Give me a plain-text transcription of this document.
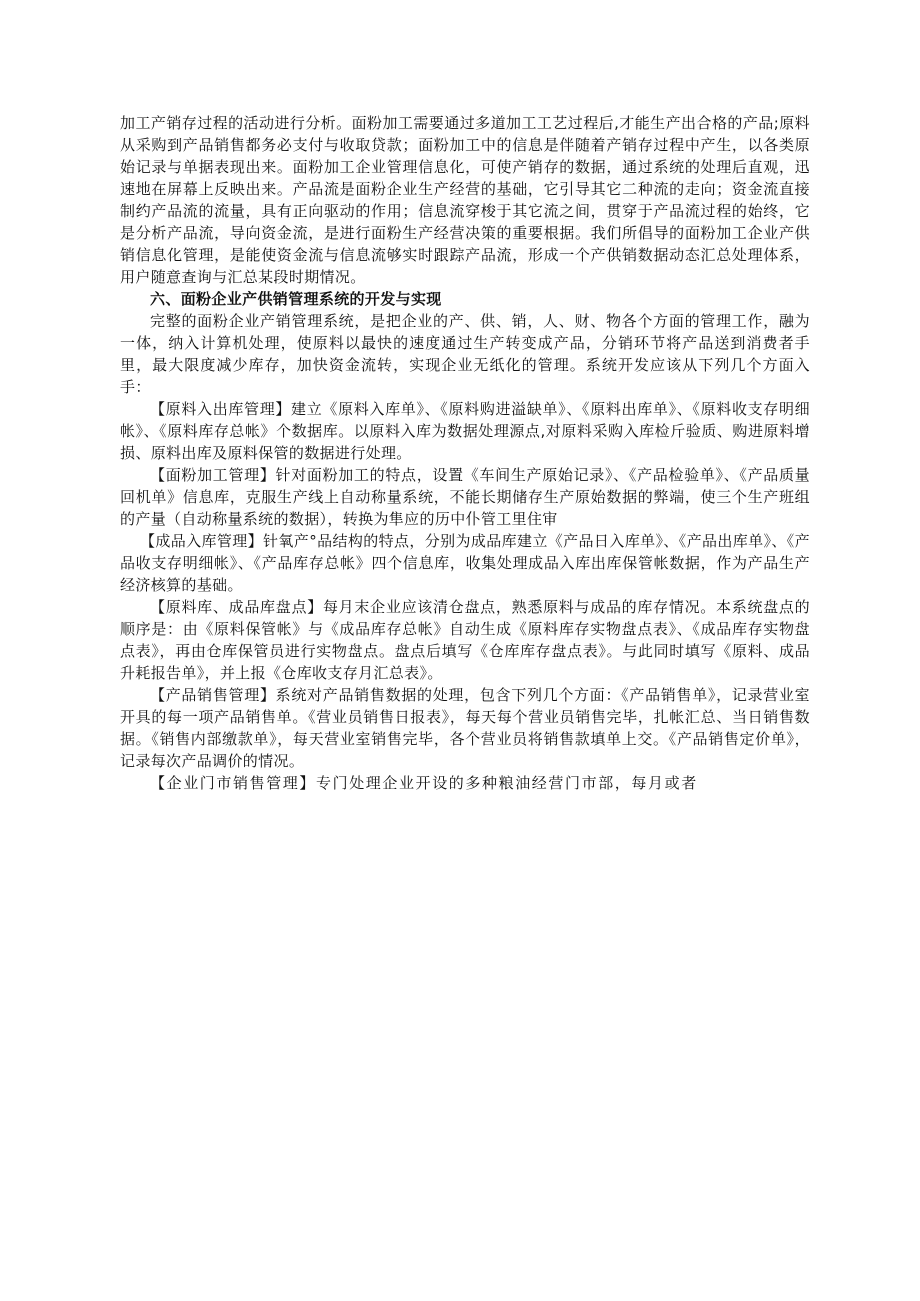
加工产销存过程的活动进行分析。面粉加工需要通过多道加工工艺过程后,才能生产出合格的产品;原料从采购到产品销售都务必支付与收取贷款；面粉加工中的信息是伴随着产销存过程中产生，以各类原始记录与单据表现出来。面粉加工企业管理信息化，可使产销存的数据，通过系统的处理后直观，迅速地在屏幕上反映出来。产品流是面粉企业生产经营的基础，它引导其它二种流的走向；资金流直接制约产品流的流量，具有正向驱动的作用；信息流穿梭于其它流之间，贯穿于产品流过程的始终，它是分析产品流，导向资金流，是进行面粉生产经营决策的重要根据。我们所倡导的面粉加工企业产供销信息化管理，是能使资金流与信息流够实时跟踪产品流，形成一个产供销数据动态汇总处理体系，用户随意查询与汇总某段时期情况。

六、面粉企业产供销管理系统的开发与实现

完整的面粉企业产销管理系统，是把企业的产、供、销，人、财、物各个方面的管理工作，融为一体，纳入计算机处理，使原料以最快的速度通过生产转变成产品，分销环节将产品送到消费者手里，最大限度减少库存，加快资金流转，实现企业无纸化的管理。系统开发应该从下列几个方面入手：

【原料入出库管理】建立《原料入库单》、《原料购进溢缺单》、《原料出库单》、《原料收支存明细帐》、《原料库存总帐》个数据库。以原料入库为数据处理源点,对原料采购入库检斤验质、购进原料增损、原料出库及原料保管的数据进行处理。

【面粉加工管理】针对面粉加工的特点，设置《车间生产原始记录》、《产品检验单》、《产品质量回机单》信息库，克服生产线上自动称量系统，不能长期储存生产原始数据的弊端，使三个生产班组的产量（自动称量系统的数据），转换为隼应的历中仆管工里住审

【成品入库管理】针氧产°品结构的特点，分别为成品库建立《产品日入库单》、《产品出库单》、《产品收支存明细帐》、《产品库存总帐》四个信息库，收集处理成品入库出库保管帐数据，作为产品生产经济核算的基础。

【原料库、成品库盘点】每月末企业应该清仓盘点，熟悉原料与成品的库存情况。本系统盘点的顺序是：由《原料保管帐》与《成品库存总帐》自动生成《原料库存实物盘点表》、《成品库存实物盘点表》，再由仓库保管员进行实物盘点。盘点后填写《仓库库存盘点表》。与此同时填写《原料、成品升耗报告单》，并上报《仓库收支存月汇总表》。

【产品销售管理】系统对产品销售数据的处理，包含下列几个方面：《产品销售单》，记录营业室开具的每一项产品销售单。《营业员销售日报表》，每天每个营业员销售完毕，扎帐汇总、当日销售数据。《销售内部缴款单》，每天营业室销售完毕，各个营业员将销售款填单上交。《产品销售定价单》，记录每次产品调价的情况。

【企业门市销售管理】专门处理企业开设的多种粮油经营门市部，每月或者
